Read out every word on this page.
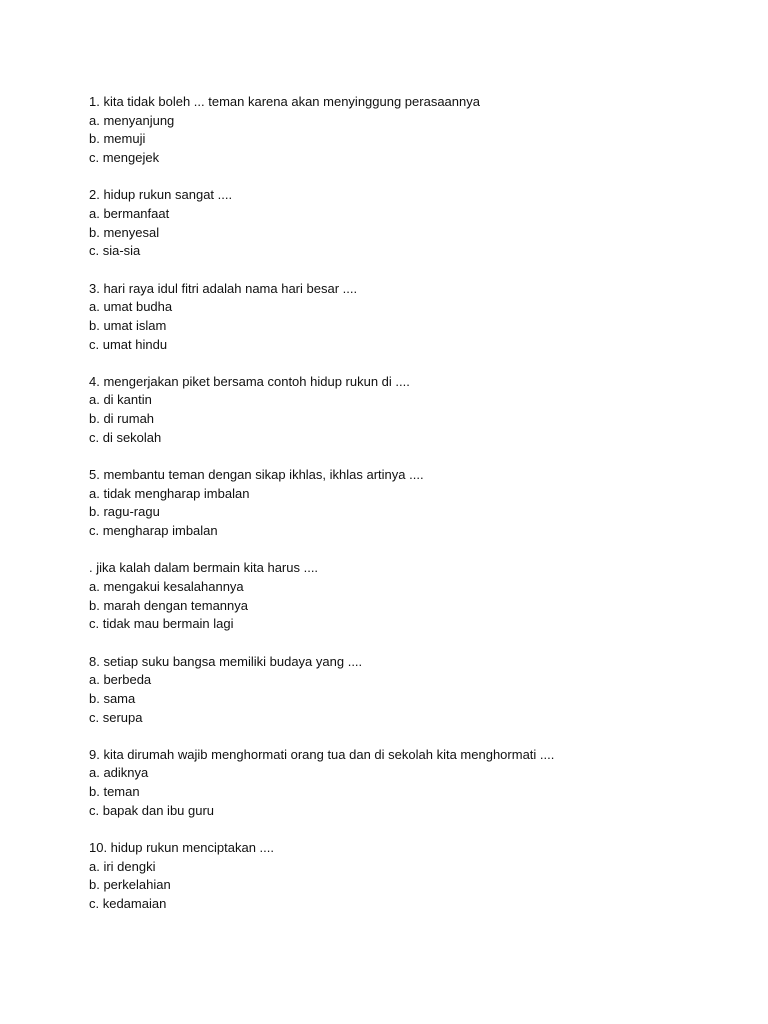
1. kita tidak boleh ... teman karena akan menyinggung perasaannya
a. menyanjung
b. memuji
c. mengejek
2. hidup rukun sangat ....
a. bermanfaat
b. menyesal
c. sia-sia
3. hari raya idul fitri adalah nama hari besar ....
a. umat budha
b. umat islam
c. umat hindu
4. mengerjakan piket bersama contoh hidup rukun di ....
a. di kantin
b. di rumah
c. di sekolah
5. membantu teman dengan sikap ikhlas, ikhlas artinya ....
a. tidak mengharap imbalan
b. ragu-ragu
c. mengharap imbalan
. jika kalah dalam bermain kita harus ....
a. mengakui kesalahannya
b. marah dengan temannya
c. tidak mau bermain lagi
8. setiap suku bangsa memiliki budaya yang ....
a. berbeda
b. sama
c. serupa
9. kita dirumah wajib menghormati orang tua dan di sekolah kita menghormati ....
a. adiknya
b. teman
c. bapak dan ibu guru
10. hidup rukun menciptakan ....
a. iri dengki
b. perkelahian
c. kedamaian
